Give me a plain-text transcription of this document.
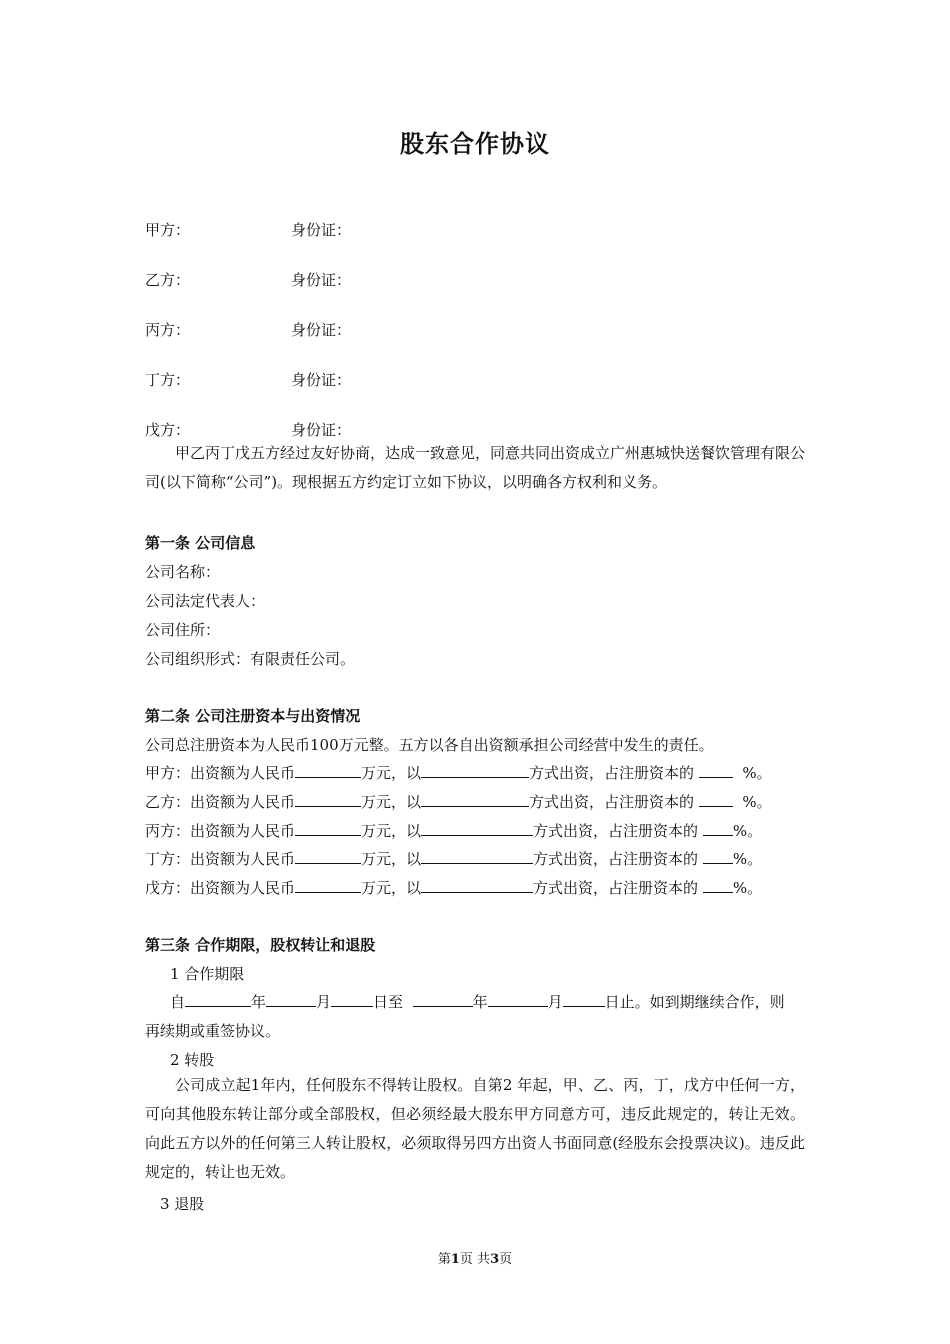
股东合作协议
甲方：	身份证：
乙方：	身份证：
丙方：	身份证：
丁方：	身份证：
戊方：	身份证：
甲乙丙丁戊五方经过友好协商，达成一致意见，同意共同出资成立广州惠城快送餐饮管理有限公司(以下简称“公司”)。现根据五方约定订立如下协议，以明确各方权利和义务。
第一条 公司信息
公司名称：
公司法定代表人：
公司住所：
公司组织形式：有限责任公司。
第二条 公司注册资本与出资情况
公司总注册资本为人民币100万元整。五方以各自出资额承担公司经营中发生的责任。
甲方：出资额为人民币	万元，以	方式出资，占注册资本的	%。
乙方：出资额为人民币	万元，以	方式出资，占注册资本的	%。
丙方：出资额为人民币	万元，以	方式出资，占注册资本的 %。
丁方：出资额为人民币	万元，以	方式出资，占注册资本的 %。
戊方：出资额为人民币	万元，以	方式出资，占注册资本的 %。
第三条 合作期限，股权转让和退股
1 合作期限
自	年	月	日至	年	月	日止。如到期继续合作，则
再续期或重签协议。
2 转股
公司成立起1年内，任何股东不得转让股权。自第2 年起，甲、乙、丙，丁，戊方中任何一方，可向其他股东转让部分或全部股权，但必须经最大股东甲方同意方可，违反此规定的，转让无效。 向此五方以外的任何第三人转让股权，必须取得另四方出资人书面同意(经股东会投票决议)。违反此规定的，转让也无效。
3 退股
第1页 共3页
